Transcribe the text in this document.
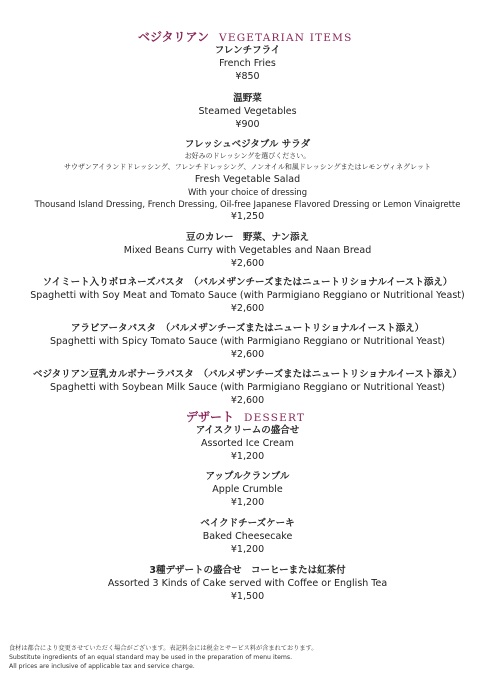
ベジタリアン VEGETARIAN ITEMS
フレンチフライ
French Fries
¥850
温野菜
Steamed Vegetables
¥900
フレッシュベジタブル サラダ
お好みのドレッシングを選びください。
サウザンアイランドドレッシング、フレンチドレッシング、ノンオイル和風ドレッシングまたはレモンヴィネグレット
Fresh Vegetable Salad
With your choice of dressing
Thousand Island Dressing, French Dressing, Oil-free Japanese Flavored Dressing or Lemon Vinaigrette
¥1,250
豆のカレー　野菜、ナン添え
Mixed Beans Curry with Vegetables and Naan Bread
¥2,600
ソイミート入りボロネーズパスタ　（パルメザンチーズまたはニュートリショナルイースト添え）
Spaghetti with Soy Meat and Tomato Sauce (with Parmigiano Reggiano or Nutritional Yeast)
¥2,600
アラビアータパスタ　（パルメザンチーズまたはニュートリショナルイースト添え）
Spaghetti with Spicy Tomato Sauce (with Parmigiano Reggiano or Nutritional Yeast)
¥2,600
ベジタリアン豆乳カルボナーラパスタ　（パルメザンチーズまたはニュートリショナルイースト添え）
Spaghetti with Soybean Milk Sauce (with Parmigiano Reggiano or Nutritional Yeast)
¥2,600
デザート DESSERT
アイスクリームの盛合せ
Assorted Ice Cream
¥1,200
アップルクランブル
Apple Crumble
¥1,200
ベイクドチーズケーキ
Baked Cheesecake
¥1,200
3種デザートの盛合せ　コーヒーまたは紅茶付
Assorted 3 Kinds of Cake served with Coffee or English Tea
¥1,500
食材は都合により変更させていただく場合がございます。表記料金には税金とサービス料が含まれております。
Substitute ingredients of an equal standard may be used in the preparation of menu items.
All prices are inclusive of applicable tax and service charge.
